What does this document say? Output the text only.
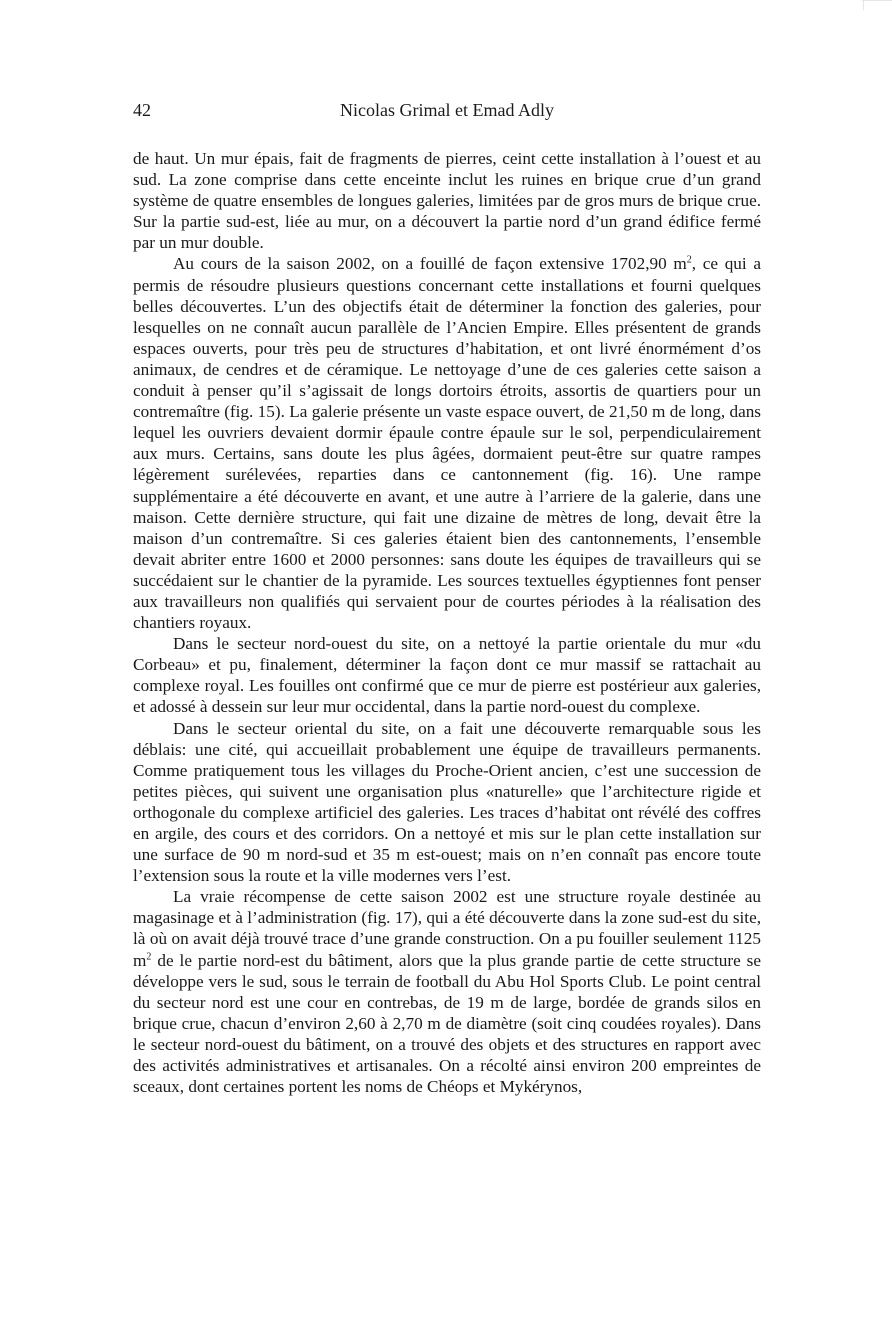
42	Nicolas Grimal et Emad Adly

de haut. Un mur épais, fait de fragments de pierres, ceint cette installation à l’ouest et au sud. La zone comprise dans cette enceinte inclut les ruines en brique crue d’un grand système de quatre ensembles de longues galeries, limitées par de gros murs de brique crue. Sur la partie sud-est, liée au mur, on a découvert la partie nord d’un grand édifice fermé par un mur double.

Au cours de la saison 2002, on a fouillé de façon extensive 1702,90 $m^2$, ce qui a permis de résoudre plusieurs questions concernant cette installations et fourni quelques belles découvertes. L’un des objectifs était de déterminer la fonction des galeries, pour lesquelles on ne connaît aucun parallèle de l’Ancien Empire. Elles présentent de grands espaces ouverts, pour très peu de structures d’habitation, et ont livré énormément d’os animaux, de cendres et de céramique. Le nettoyage d’une de ces galeries cette saison a conduit à penser qu’il s’agissait de longs dortoirs étroits, assortis de quartiers pour un contremaître (fig. 15). La galerie présente un vaste espace ouvert, de 21,50 m de long, dans lequel les ouvriers devaient dormir épaule contre épaule sur le sol, perpendiculairement aux murs. Certains, sans doute les plus âgées, dormaient peut-être sur quatre rampes légèrement surélevées, reparties dans ce cantonnement (fig. 16). Une rampe supplémentaire a été découverte en avant, et une autre à l’arriere de la galerie, dans une maison. Cette dernière structure, qui fait une dizaine de mètres de long, devait être la maison d’un contremaître. Si ces galeries étaient bien des cantonnements, l’ensemble devait abriter entre 1600 et 2000 personnes: sans doute les équipes de travailleurs qui se succédaient sur le chantier de la pyramide. Les sources textuelles égyptiennes font penser aux travailleurs non qualifiés qui servaient pour de courtes périodes à la réalisation des chantiers royaux.

Dans le secteur nord-ouest du site, on a nettoyé la partie orientale du mur «du Corbeau» et pu, finalement, déterminer la façon dont ce mur massif se rattachait au complexe royal. Les fouilles ont confirmé que ce mur de pierre est postérieur aux galeries, et adossé à dessein sur leur mur occidental, dans la partie nord-ouest du complexe.

Dans le secteur oriental du site, on a fait une découverte remarquable sous les déblais: une cité, qui accueillait probablement une équipe de travailleurs permanents. Comme pratiquement tous les villages du Proche-Orient ancien, c’est une succession de petites pièces, qui suivent une organisation plus «naturelle» que l’architecture rigide et orthogonale du complexe artificiel des galeries. Les traces d’habitat ont révélé des coffres en argile, des cours et des corridors. On a nettoyé et mis sur le plan cette installation sur une surface de 90 m nord-sud et 35 m est-ouest; mais on n’en connaît pas encore toute l’extension sous la route et la ville modernes vers l’est.

La vraie récompense de cette saison 2002 est une structure royale destinée au magasinage et à l’administration (fig. 17), qui a été découverte dans la zone sud-est du site, là où on avait déjà trouvé trace d’une grande construction. On a pu fouiller seulement 1125 $m^2$ de le partie nord-est du bâtiment, alors que la plus grande partie de cette structure se développe vers le sud, sous le terrain de football du Abu Hol Sports Club. Le point central du secteur nord est une cour en contrebas, de 19 m de large, bordée de grands silos en brique crue, chacun d’environ 2,60 à 2,70 m de diamètre (soit cinq coudées royales). Dans le secteur nord-ouest du bâtiment, on a trouvé des objets et des structures en rapport avec des activités administratives et artisanales. On a récolté ainsi environ 200 empreintes de sceaux, dont certaines portent les noms de Chéops et Mykérynos,
